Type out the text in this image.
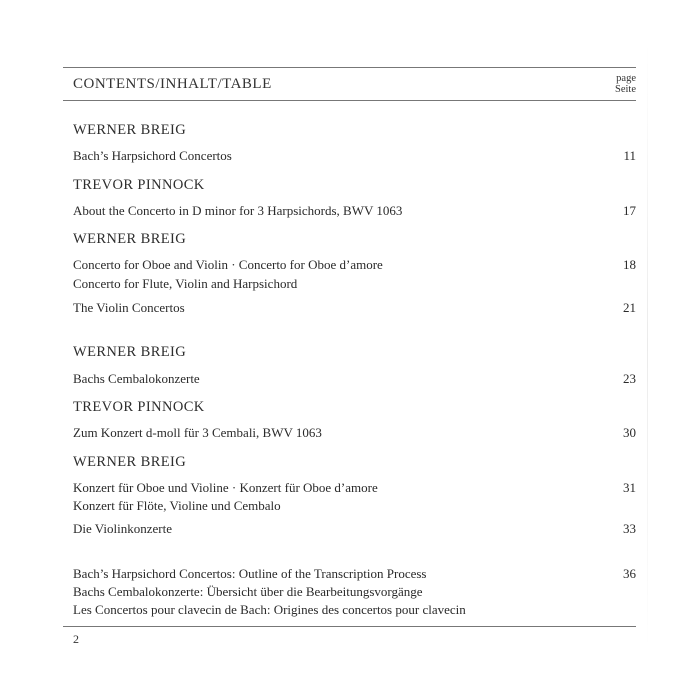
CONTENTS/INHALT/TABLE	page
Seite
WERNER BREIG
Bach’s Harpsichord Concertos	11
TREVOR PINNOCK
About the Concerto in D minor for 3 Harpsichords, BWV 1063	17
WERNER BREIG
Concerto for Oboe and Violin · Concerto for Oboe d’amore	18
Concerto for Flute, Violin and Harpsichord
The Violin Concertos	21
WERNER BREIG
Bachs Cembalokonzerte	23
TREVOR PINNOCK
Zum Konzert d-moll für 3 Cembali, BWV 1063	30
WERNER BREIG
Konzert für Oboe und Violine · Konzert für Oboe d’amore	31
Konzert für Flöte, Violine und Cembalo
Die Violinkonzerte	33
Bach’s Harpsichord Concertos: Outline of the Transcription Process	36
Bachs Cembalokonzerte: Übersicht über die Bearbeitungsvorgänge
Les Concertos pour clavecin de Bach: Origines des concertos pour clavecin
2
